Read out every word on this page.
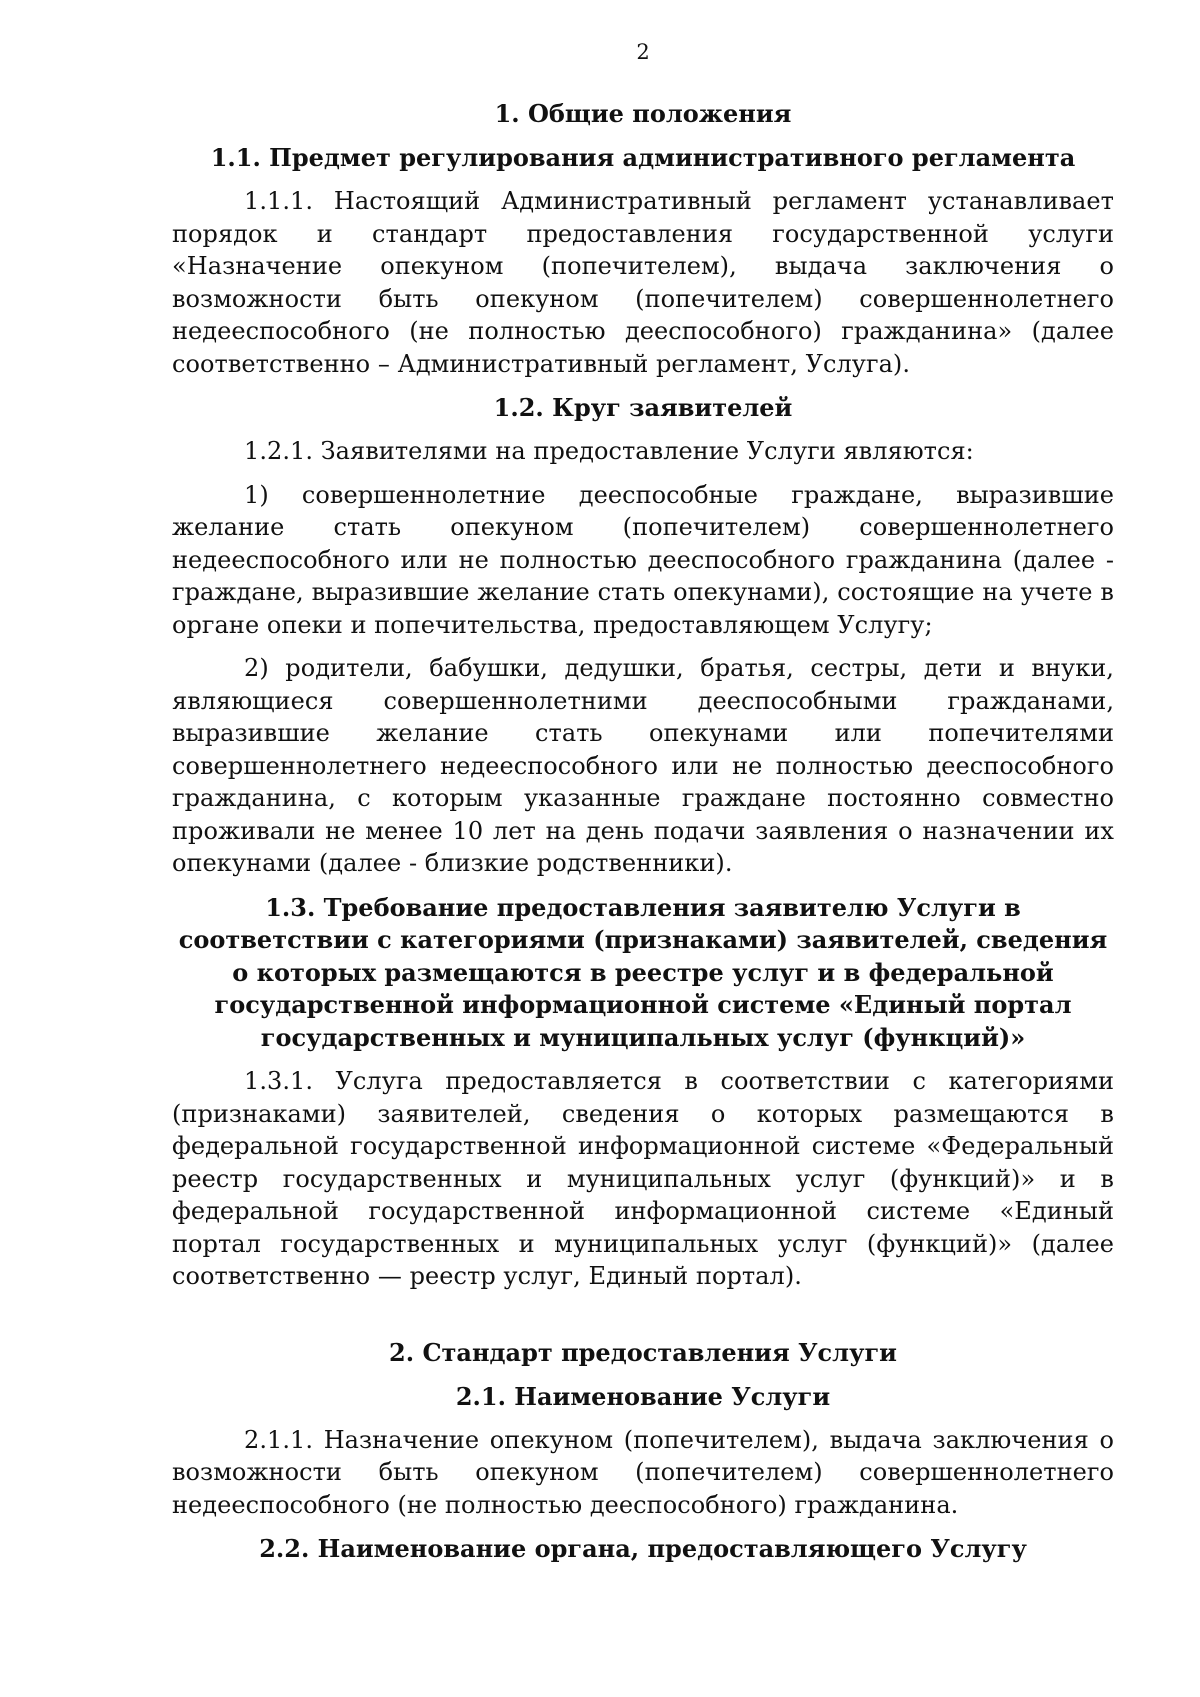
2
1. Общие положения
1.1. Предмет регулирования административного регламента

1.1.1. Настоящий Административный регламент устанавливает порядок и стандарт предоставления государственной услуги «Назначение опекуном (попечителем), выдача заключения о возможности быть опекуном (попечителем) совершеннолетнего недееспособного (не полностью дееспособного) гражданина» (далее соответственно – Административный регламент, Услуга).

1.2. Круг заявителей

1.2.1. Заявителями на предоставление Услуги являются:

1) совершеннолетние дееспособные граждане, выразившие желание стать опекуном (попечителем) совершеннолетнего недееспособного или не полностью дееспособного гражданина (далее - граждане, выразившие желание стать опекунами), состоящие на учете в органе опеки и попечительства, предоставляющем Услугу;

2) родители, бабушки, дедушки, братья, сестры, дети и внуки, являющиеся совершеннолетними дееспособными гражданами, выразившие желание стать опекунами или попечителями совершеннолетнего недееспособного или не полностью дееспособного гражданина, с которым указанные граждане постоянно совместно проживали не менее 10 лет на день подачи заявления о назначении их опекунами (далее - близкие родственники).

1.3. Требование предоставления заявителю Услуги в соответствии с категориями (признаками) заявителей, сведения о которых размещаются в реестре услуг и в федеральной государственной информационной системе «Единый портал государственных и муниципальных услуг (функций)»

1.3.1. Услуга предоставляется в соответствии с категориями (признаками) заявителей, сведения о которых размещаются в федеральной государственной информационной системе «Федеральный реестр государственных и муниципальных услуг (функций)» и в федеральной государственной информационной системе «Единый портал государственных и муниципальных услуг (функций)» (далее соответственно — реестр услуг, Единый портал).

2. Стандарт предоставления Услуги
2.1. Наименование Услуги

2.1.1. Назначение опекуном (попечителем), выдача заключения о возможности быть опекуном (попечителем) совершеннолетнего недееспособного (не полностью дееспособного) гражданина.

2.2. Наименование органа, предоставляющего Услугу
